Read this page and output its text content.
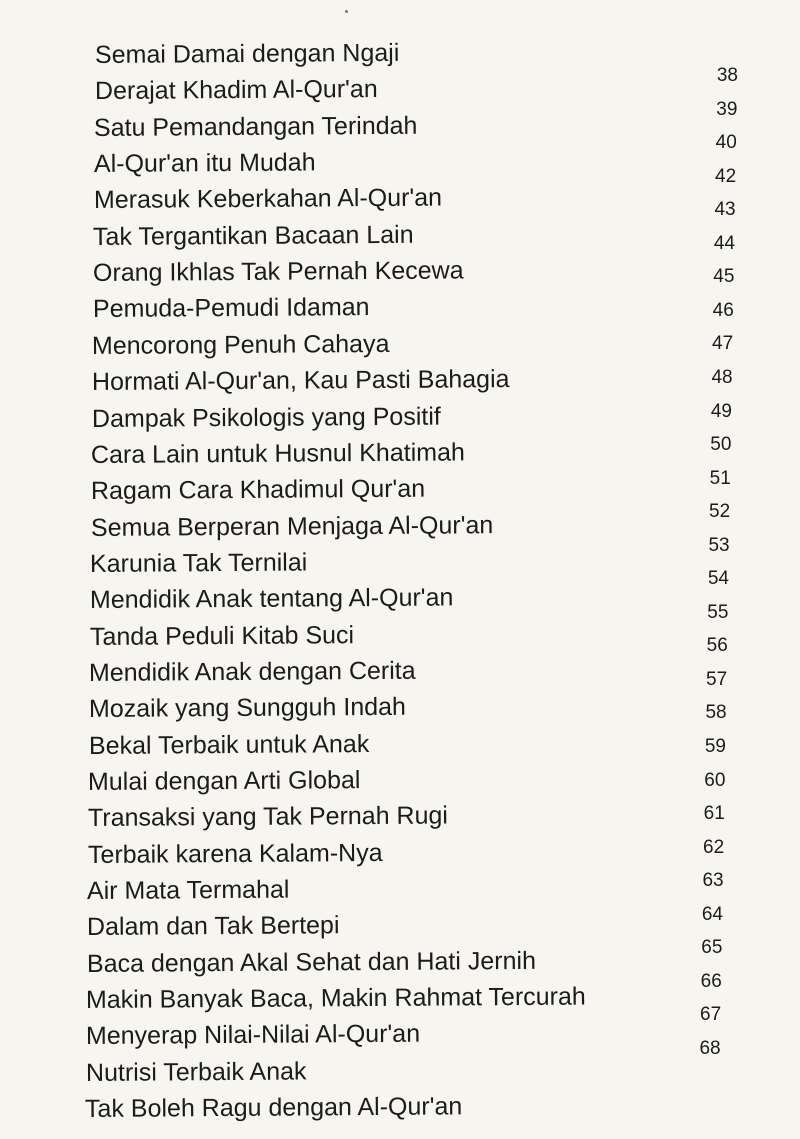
Semai Damai dengan Ngaji
Derajat Khadim Al-Qur'an
Satu Pemandangan Terindah
Al-Qur'an itu Mudah
Merasuk Keberkahan Al-Qur'an
Tak Tergantikan Bacaan Lain
Orang Ikhlas Tak Pernah Kecewa
Pemuda-Pemudi Idaman
Mencorong Penuh Cahaya
Hormati Al-Qur'an, Kau Pasti Bahagia
Dampak Psikologis yang Positif
Cara Lain untuk Husnul Khatimah
Ragam Cara Khadimul Qur'an
Semua Berperan Menjaga Al-Qur'an
Karunia Tak Ternilai
Mendidik Anak tentang Al-Qur'an
Tanda Peduli Kitab Suci
Mendidik Anak dengan Cerita
Mozaik yang Sungguh Indah
Bekal Terbaik untuk Anak
Mulai dengan Arti Global
Transaksi yang Tak Pernah Rugi
Terbaik karena Kalam-Nya
Air Mata Termahal
Dalam dan Tak Bertepi
Baca dengan Akal Sehat dan Hati Jernih
Makin Banyak Baca, Makin Rahmat Tercurah
Menyerap Nilai-Nilai Al-Qur'an
Nutrisi Terbaik Anak
Tak Boleh Ragu dengan Al-Qur'an
38
39
40
42
43
44
45
46
47
48
49
50
51
52
53
54
55
56
57
58
59
60
61
62
63
64
65
66
67
68
